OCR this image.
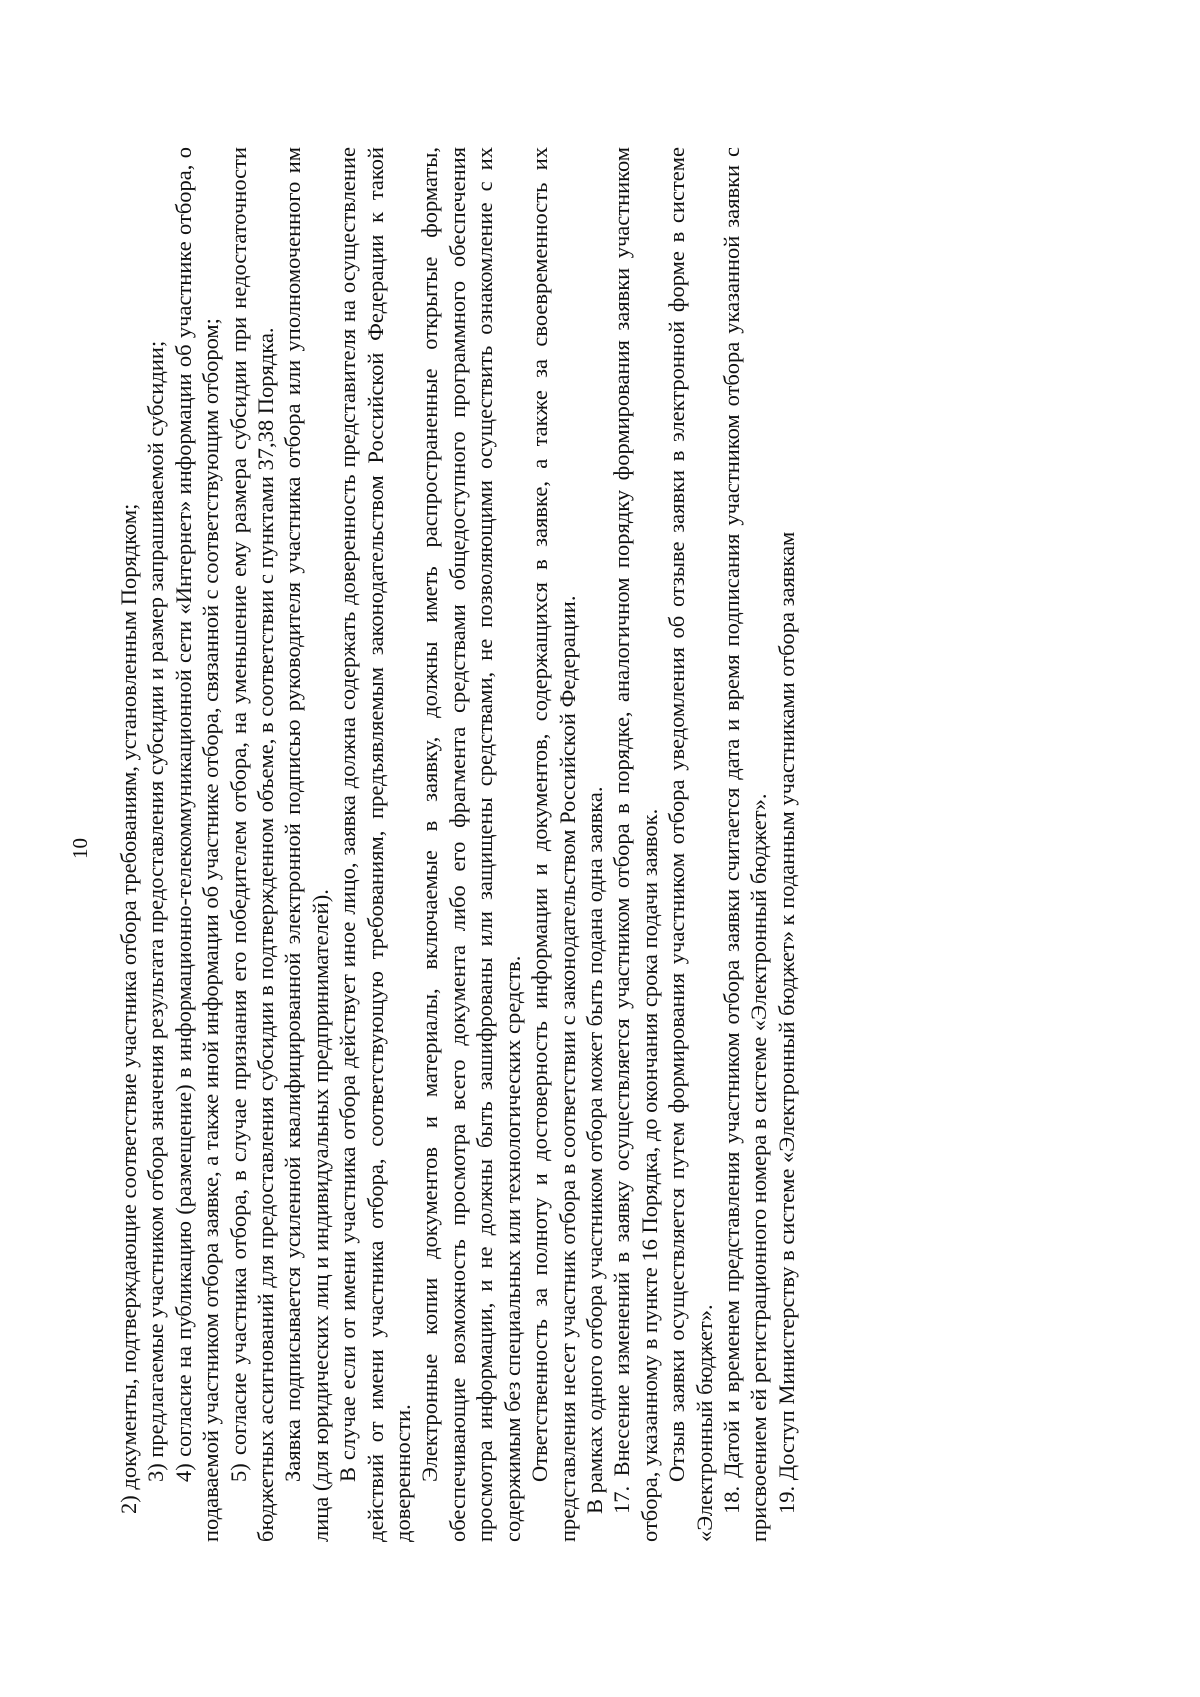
10 2) документы, подтверждающие соответствие участника отбора требованиям, установленным Порядком; 3) предлагаемые участником отбора значения результата предоставления субсидии и размер запрашиваемой субсидии; 4) согласие на публикацию (размещение) в информационно-телекоммуникационной сети «Интернет» информации об участнике отбора, о подаваемой участником отбора заявке, а также иной информации об участнике отбора, связанной с соответствующим отбором; 5) согласие участника отбора, в случае признания его победителем отбора, на уменьшение ему размера субсидии при недостаточности бюджетных ассигнований для предоставления субсидии в подтвержденном объеме, в соответствии с пунктами 37,38 Порядка. Заявка подписывается усиленной квалифицированной электронной подписью руководителя участника отбора или уполномоченного им лица (для юридических лиц и индивидуальных предпринимателей). В случае если от имени участника отбора действует иное лицо, заявка должна содержать доверенность представителя на осуществление действий от имени участника отбора, соответствующую требованиям, предъявляемым законодательством Российской Федерации к такой доверенности. Электронные копии документов и материалы, включаемые в заявку, должны иметь распространенные открытые форматы, обеспечивающие возможность просмотра всего документа либо его фрагмента средствами общедоступного программного обеспечения просмотра информации, и не должны быть зашифрованы или защищены средствами, не позволяющими осуществить ознакомление с их содержимым без специальных или технологических средств. Ответственность за полноту и достоверность информации и документов, содержащихся в заявке, а также за своевременность их представления несет участник отбора в соответствии с законодательством Российской Федерации. В рамках одного отбора участником отбора может быть подана одна заявка. 17. Внесение изменений в заявку осуществляется участником отбора в порядке, аналогичном порядку формирования заявки участником отбора, указанному в пункте 16 Порядка, до окончания срока подачи заявок. Отзыв заявки осуществляется путем формирования участником отбора уведомления об отзыве заявки в электронной форме в системе «Электронный бюджет». 18. Датой и временем представления участником отбора заявки считается дата и время подписания участником отбора указанной заявки с присвоением ей регистрационного номера в системе «Электронный бюджет». 19. Доступ Министерству в системе «Электронный бюджет» к поданным участниками отбора заявкам
